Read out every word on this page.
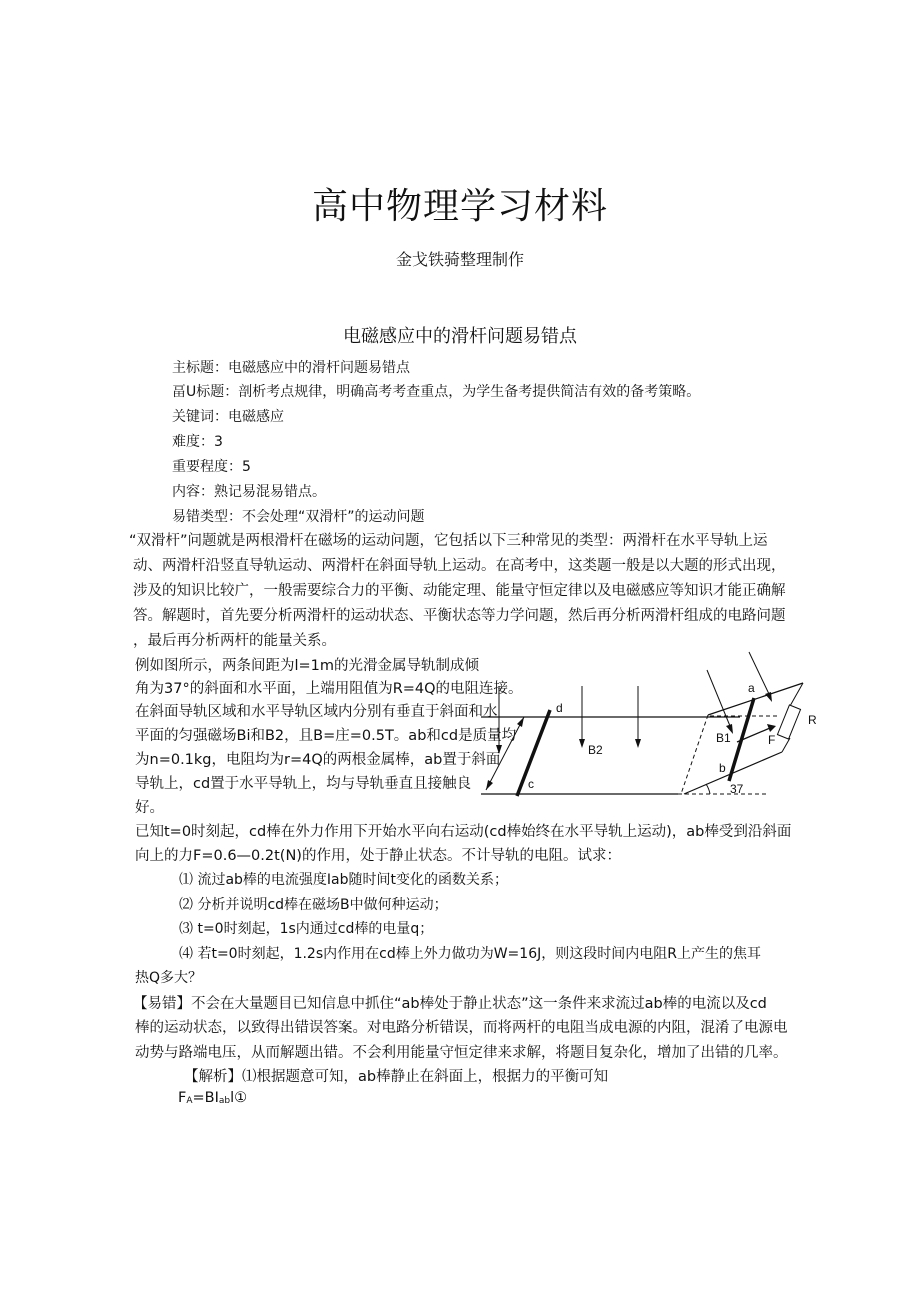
高中物理学习材料
金戈铁骑整理制作
电磁感应中的滑杆问题易错点
主标题：电磁感应中的滑杆问题易错点
畐U标题：剖析考点规律，明确高考考查重点，为学生备考提供简洁有效的备考策略。
关键词：电磁感应
难度：3
重要程度：5
内容：熟记易混易错点。
易错类型：不会处理“双滑杆”的运动问题
“双滑杆”问题就是两根滑杆在磁场的运动问题，它包括以下三种常见的类型：两滑杆在水平导轨上运
动、两滑杆沿竖直导轨运动、两滑杆在斜面导轨上运动。在高考中，这类题一般是以大题的形式出现，
涉及的知识比较广，一般需要综合力的平衡、动能定理、能量守恒定律以及电磁感应等知识才能正确解
答。解题时，首先要分析两滑杆的运动状态、平衡状态等力学问题，然后再分析两滑杆组成的电路问题
，最后再分析两杆的能量关系。
例如图所示，两条间距为l=1m的光滑金属导轨制成倾
角为37°的斜面和水平面，上端用阻值为R=4Q的电阻连接。
在斜面导轨区域和水平导轨区域内分别有垂直于斜面和水
平面的匀强磁场Bi和B2，且B=庄=0.5T。ab和cd是质量均
为n=0.1kg，电阻均为r=4Q的两根金属棒，ab置于斜面
导轨上，cd置于水平导轨上，均与导轨垂直且接触良
好。
d
c
B2
a
b
B1	F
R
37
已知t=0时刻起，cd棒在外力作用下开始水平向右运动(cd棒始终在水平导轨上运动)，ab棒受到沿斜面
向上的力F=0.6—0.2t(N)的作用，处于静止状态。不计导轨的电阻。试求：
⑴ 流过ab棒的电流强度Iab随时间t变化的函数关系；
⑵ 分析并说明cd棒在磁场B中做何种运动；
⑶ t=0时刻起，1s内通过cd棒的电量q；
⑷ 若t=0时刻起，1.2s内作用在cd棒上外力做功为W=16J，则这段时间内电阻R上产生的焦耳
热Q多大？
【易错】不会在大量题目已知信息中抓住“ab棒处于静止状态”这一条件来求流过ab棒的电流以及cd
棒的运动状态，以致得出错误答案。对电路分析错误，而将两杆的电阻当成电源的内阻，混淆了电源电
动势与路端电压，从而解题出错。不会利用能量守恒定律来求解，将题目复杂化，增加了出错的几率。
【解析】⑴根据题意可知，ab棒静止在斜面上，根据力的平衡可知
FA=BIabl①
